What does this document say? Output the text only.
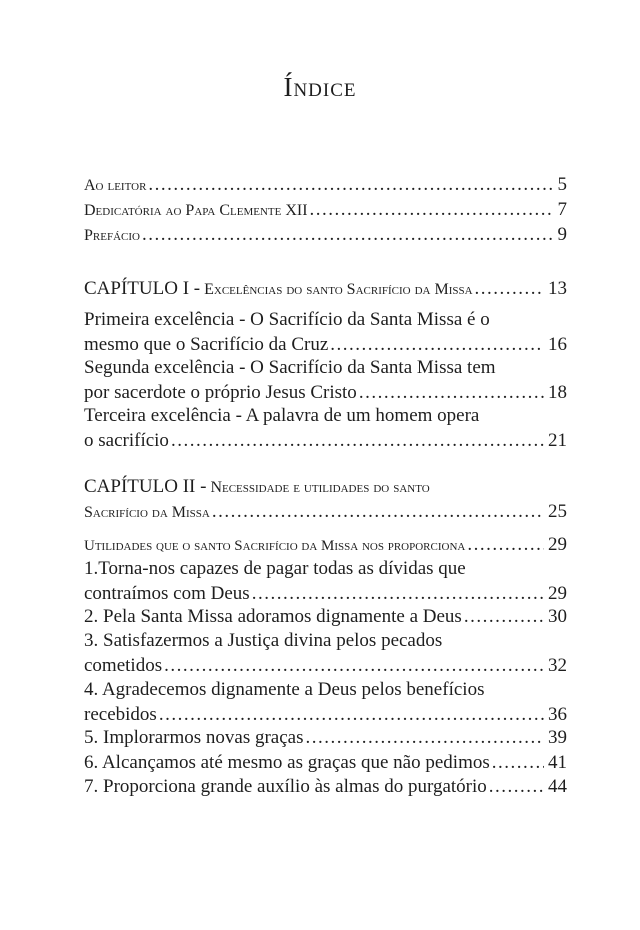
Índice
Ao leitor .....	5
Dedicatória ao Papa Clemente XII .....	7
Prefácio .....	9
CAPÍTULO I - Excelências do santo Sacrifício da Missa .....	13
Primeira excelência - O Sacrifício da Santa Missa é o
mesmo que o Sacrifício da Cruz .....	16
Segunda excelência - O Sacrifício da Santa Missa tem
por sacerdote o próprio Jesus Cristo .....	18
Terceira excelência - A palavra de um homem opera
o sacrifício .....	21
CAPÍTULO II - Necessidade e utilidades do santo
Sacrifício da Missa .....	25
Utilidades que o santo Sacrifício da Missa nos proporciona .....	29
1.Torna-nos capazes de pagar todas as dívidas que
contraímos com Deus .....	29
2. Pela Santa Missa adoramos dignamente a Deus .....	30
3. Satisfazermos a Justiça divina pelos pecados
cometidos .....	32
4. Agradecemos dignamente a Deus pelos benefícios
recebidos .....	36
5. Implorarmos novas graças .....	39
6. Alcançamos até mesmo as graças que não pedimos .....	41
7. Proporciona grande auxílio às almas do purgatório .....	44
